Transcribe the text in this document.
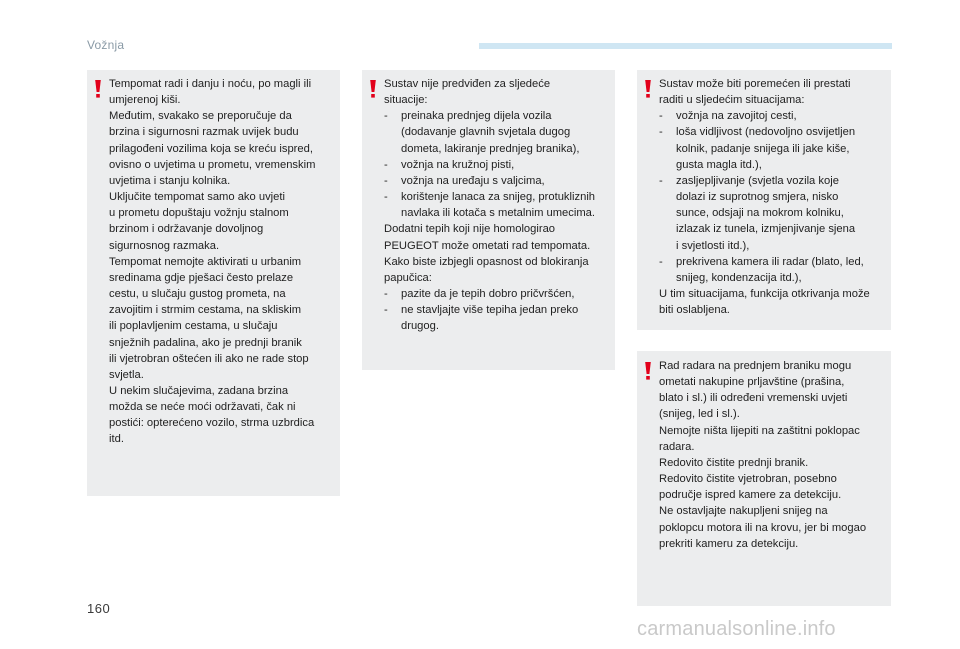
Vožnja
Tempomat radi i danju i noću, po magli ili
umjerenoj kiši.
Međutim, svakako se preporučuje da
brzina i sigurnosni razmak uvijek budu
prilagođeni vozilima koja se kreću ispred,
ovisno o uvjetima u prometu, vremenskim
uvjetima i stanju kolnika.
Uključite tempomat samo ako uvjeti
u prometu dopuštaju vožnju stalnom
brzinom i održavanje dovoljnog
sigurnosnog razmaka.
Tempomat nemojte aktivirati u urbanim
sredinama gdje pješaci često prelaze
cestu, u slučaju gustog prometa, na
zavojitim i strmim cestama, na skliskim
ili poplavljenim cestama, u slučaju
snježnih padalina, ako je prednji branik
ili vjetrobran oštećen ili ako ne rade stop
svjetla.
U nekim slučajevima, zadana brzina
možda se neće moći održavati, čak ni
postići: opterećeno vozilo, strma uzbrdica
itd.
Sustav nije predviđen za sljedeće
situacije:
- preinaka prednjeg dijela vozila
(dodavanje glavnih svjetala dugog
dometa, lakiranje prednjeg branika),
- vožnja na kružnoj pisti,
- vožnja na uređaju s valjcima,
- korištenje lanaca za snijeg, protukliznih
navlaka ili kotača s metalnim umecima.
Dodatni tepih koji nije homologirao
PEUGEOT može ometati rad tempomata.
Kako biste izbjegli opasnost od blokiranja
papučica:
- pazite da je tepih dobro pričvršćen,
- ne stavljajte više tepiha jedan preko
drugog.
Sustav može biti poremećen ili prestati
raditi u sljedećim situacijama:
- vožnja na zavojitoj cesti,
- loša vidljivost (nedovoljno osvijetljen
kolnik, padanje snijega ili jake kiše,
gusta magla itd.),
- zasljepljivanje (svjetla vozila koje
dolazi iz suprotnog smjera, nisko
sunce, odsjaji na mokrom kolniku,
izlazak iz tunela, izmjenjivanje sjena
i svjetlosti itd.),
- prekrivena kamera ili radar (blato, led,
snijeg, kondenzacija itd.),
U tim situacijama, funkcija otkrivanja može
biti oslabljena.
Rad radara na prednjem braniku mogu
ometati nakupine prljavštine (prašina,
blato i sl.) ili određeni vremenski uvjeti
(snijeg, led i sl.).
Nemojte ništa lijepiti na zaštitni poklopac
radara.
Redovito čistite prednji branik.
Redovito čistite vjetrobran, posebno
područje ispred kamere za detekciju.
Ne ostavljajte nakupljeni snijeg na
poklopcu motora ili na krovu, jer bi mogao
prekriti kameru za detekciju.
160
carmanualsonline.info
